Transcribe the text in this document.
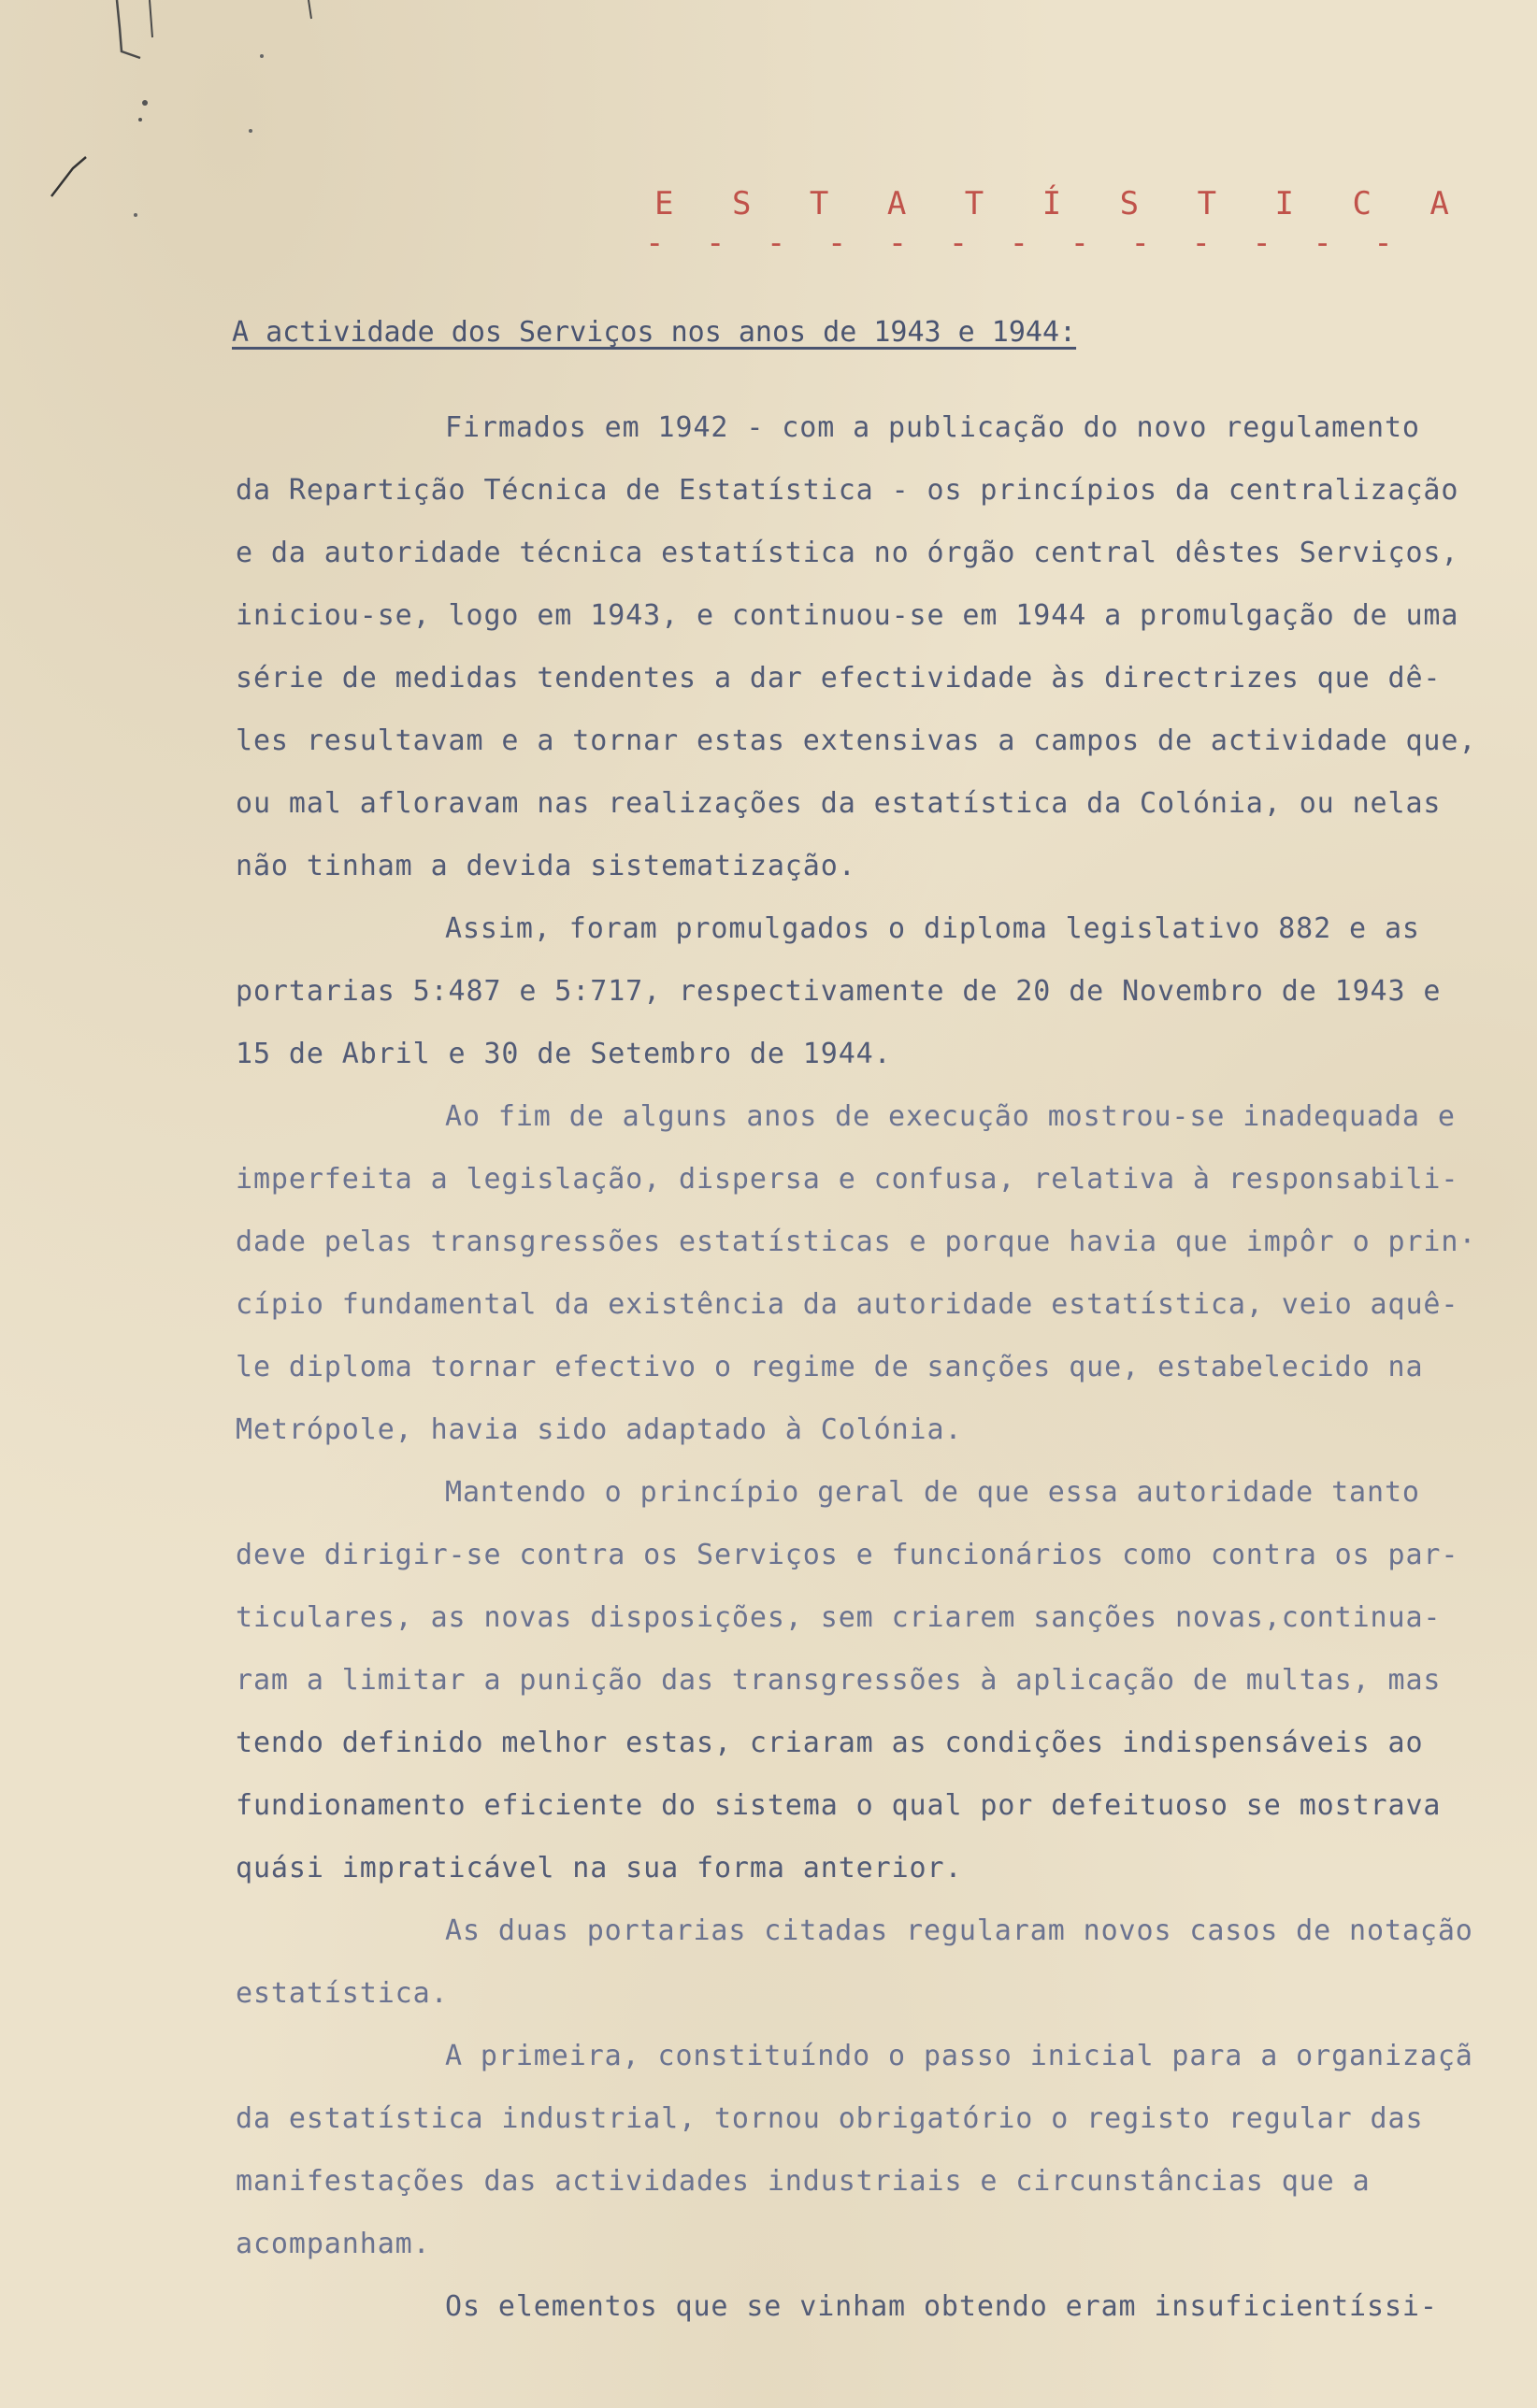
E S T A T Í S T I C A
- - - - - - - - - - - - -
A actividade dos Serviços nos anos de 1943 e 1944:
Firmados em 1942 - com a publicação do novo regulamento
da Repartição Técnica de Estatística - os princípios da centralização
e da autoridade técnica estatística no órgão central dêstes Serviços,
iniciou-se, logo em 1943, e continuou-se em 1944 a promulgação de uma
série de medidas tendentes a dar efectividade às directrizes que dê-
les resultavam e a tornar estas extensivas a campos de actividade que,
ou mal afloravam nas realizações da estatística da Colónia, ou nelas
não tinham a devida sistematização.
Assim, foram promulgados o diploma legislativo 882 e as
portarias 5:487 e 5:717, respectivamente de 20 de Novembro de 1943 e
15 de Abril e 30 de Setembro de 1944.
Ao fim de alguns anos de execução mostrou-se inadequada e
imperfeita a legislação, dispersa e confusa, relativa à responsabili-
dade pelas transgressões estatísticas e porque havia que impôr o prin·
cípio fundamental da existência da autoridade estatística, veio aquê-
le diploma tornar efectivo o regime de sanções que, estabelecido na
Metrópole, havia sido adaptado à Colónia.
Mantendo o princípio geral de que essa autoridade tanto
deve dirigir-se contra os Serviços e funcionários como contra os par-
ticulares, as novas disposições, sem criarem sanções novas,continua-
ram a limitar a punição das transgressões à aplicação de multas, mas
tendo definido melhor estas, criaram as condições indispensáveis ao
fundionamento eficiente do sistema o qual por defeituoso se mostrava
quási impraticável na sua forma anterior.
As duas portarias citadas regularam novos casos de notação
estatística.
A primeira, constituíndo o passo inicial para a organizaçã
da estatística industrial, tornou obrigatório o registo regular das
manifestações das actividades industriais e circunstâncias que a
acompanham.
Os elementos que se vinham obtendo eram insuficientíssi-
